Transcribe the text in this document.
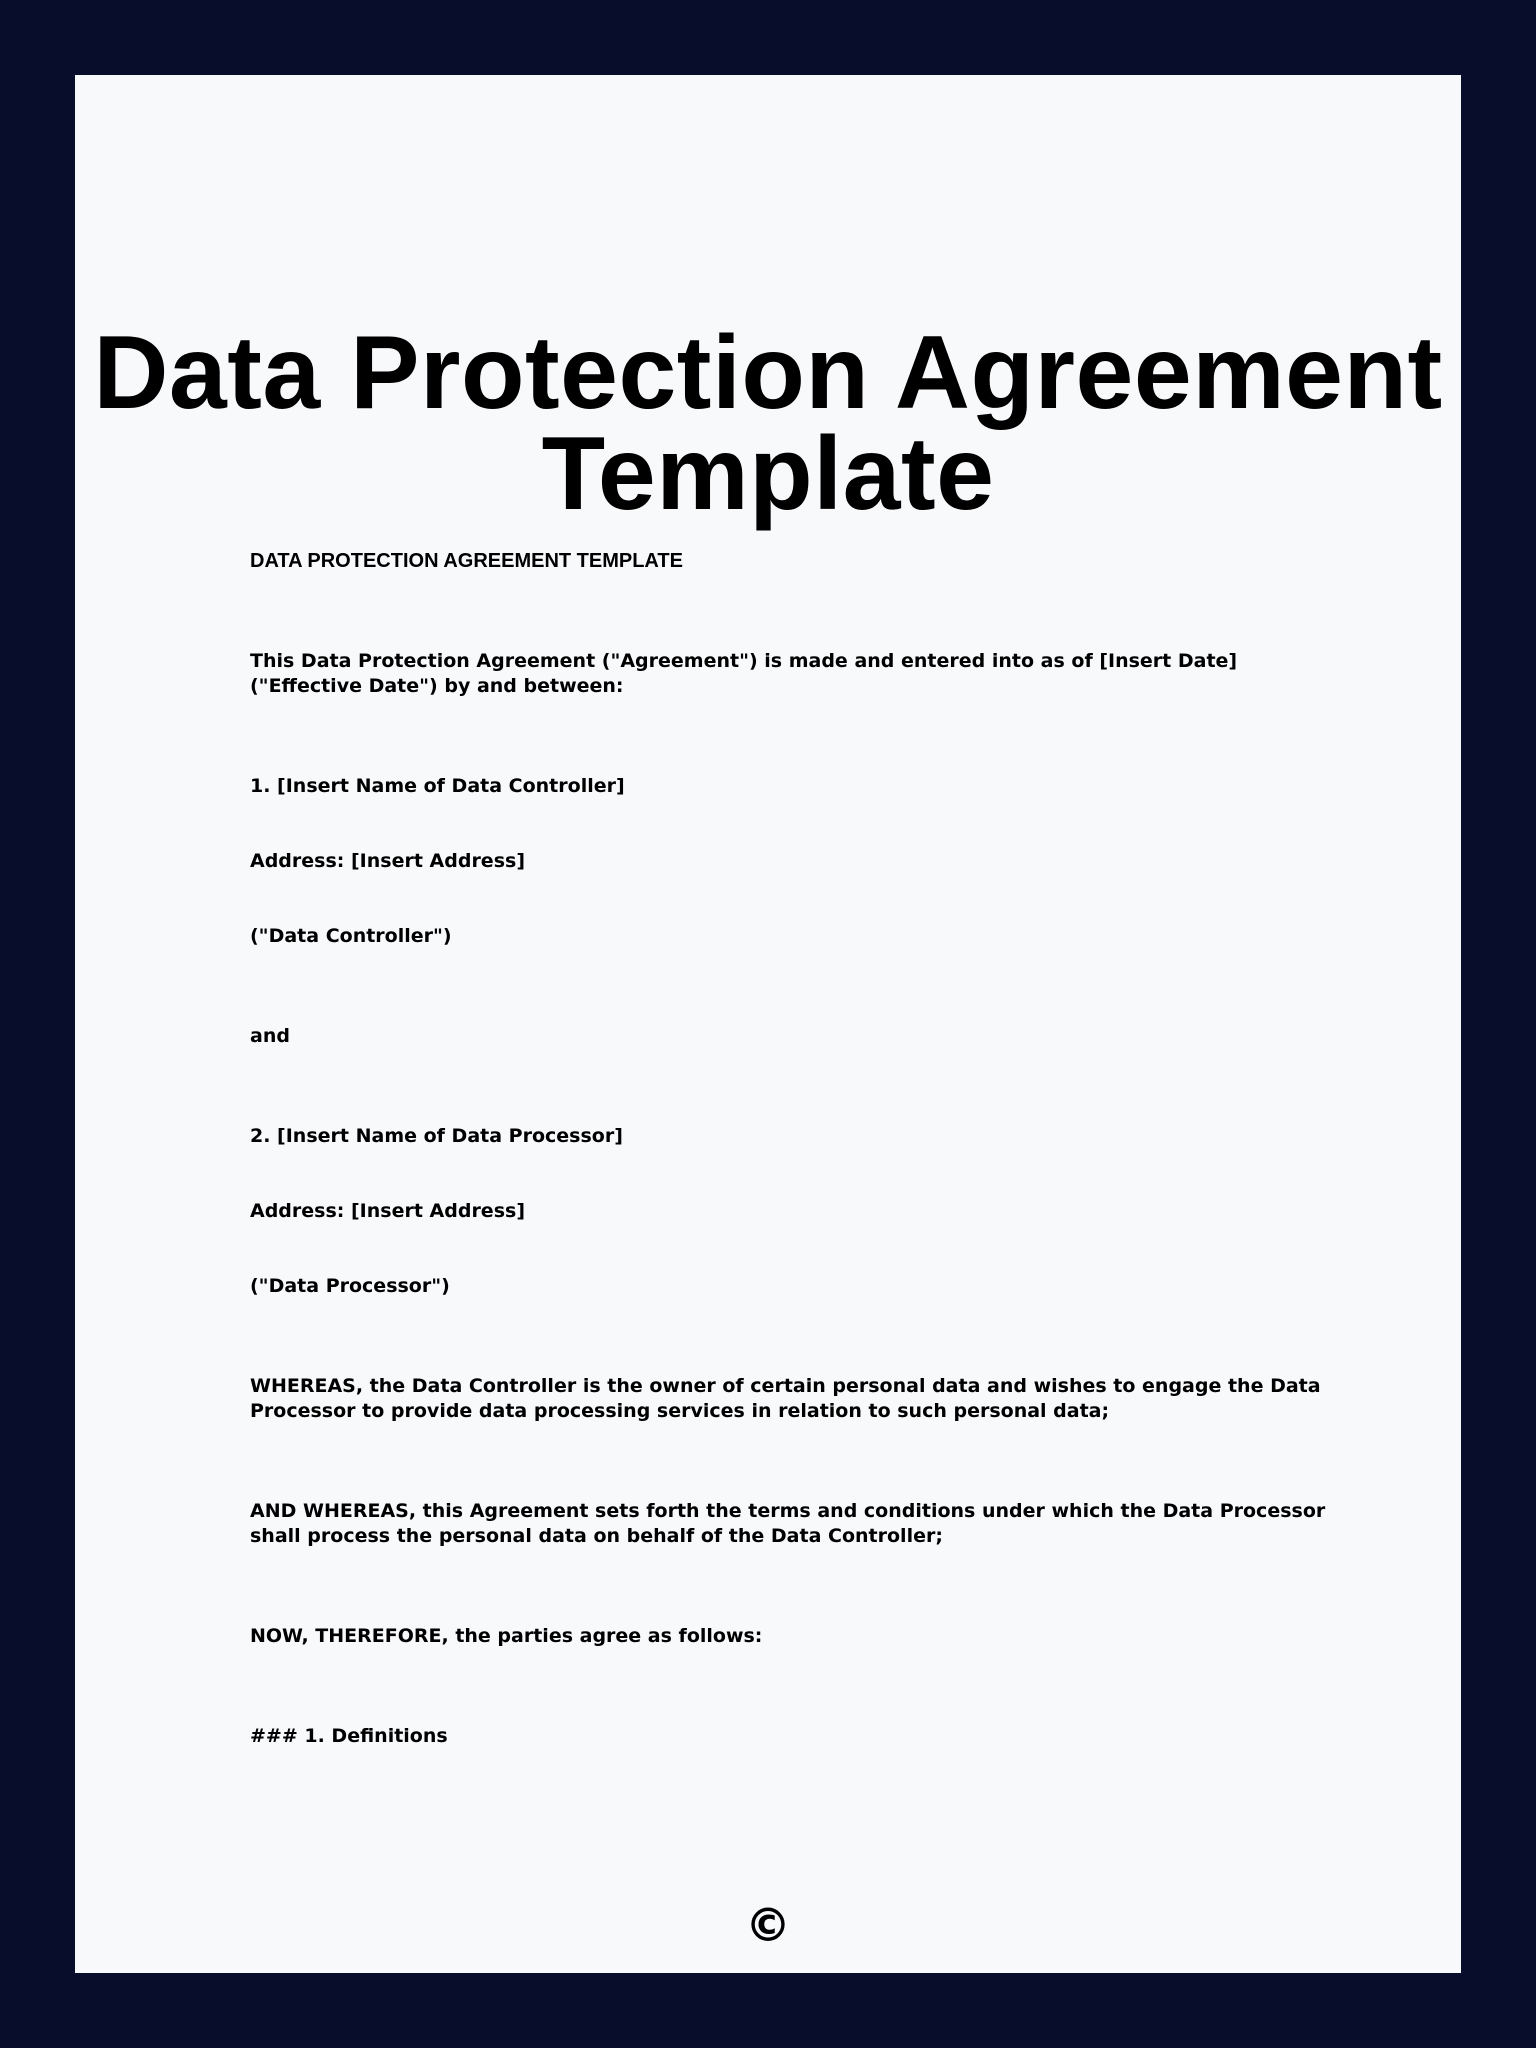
Data Protection Agreement Template

DATA PROTECTION AGREEMENT TEMPLATE

This Data Protection Agreement ("Agreement") is made and entered into as of [Insert Date] ("Effective Date") by and between:

1. [Insert Name of Data Controller]

Address: [Insert Address]

("Data Controller")

and

2. [Insert Name of Data Processor]

Address: [Insert Address]

("Data Processor")

WHEREAS, the Data Controller is the owner of certain personal data and wishes to engage the Data Processor to provide data processing services in relation to such personal data;

AND WHEREAS, this Agreement sets forth the terms and conditions under which the Data Processor shall process the personal data on behalf of the Data Controller;

NOW, THEREFORE, the parties agree as follows:

### 1. Definitions

©
